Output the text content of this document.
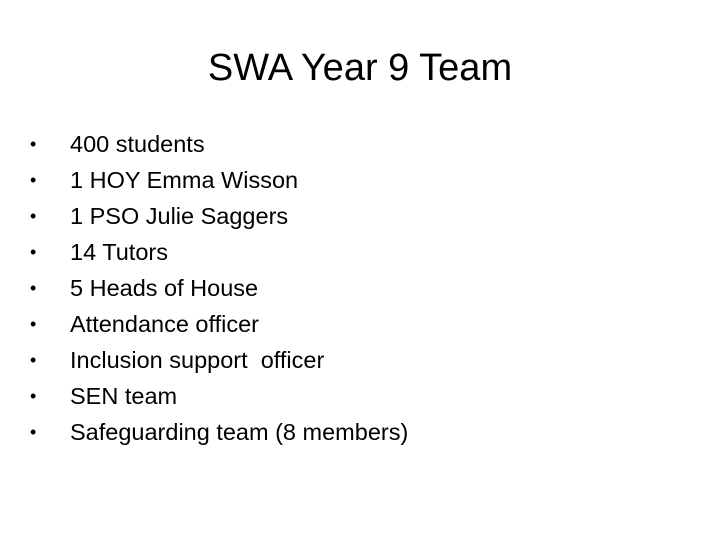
SWA Year 9 Team
•	400 students
•	1 HOY Emma Wisson
•	1 PSO Julie Saggers
•	14 Tutors
•	5 Heads of House
•	Attendance officer
•	Inclusion support  officer
•	SEN team
•	Safeguarding team (8 members)
